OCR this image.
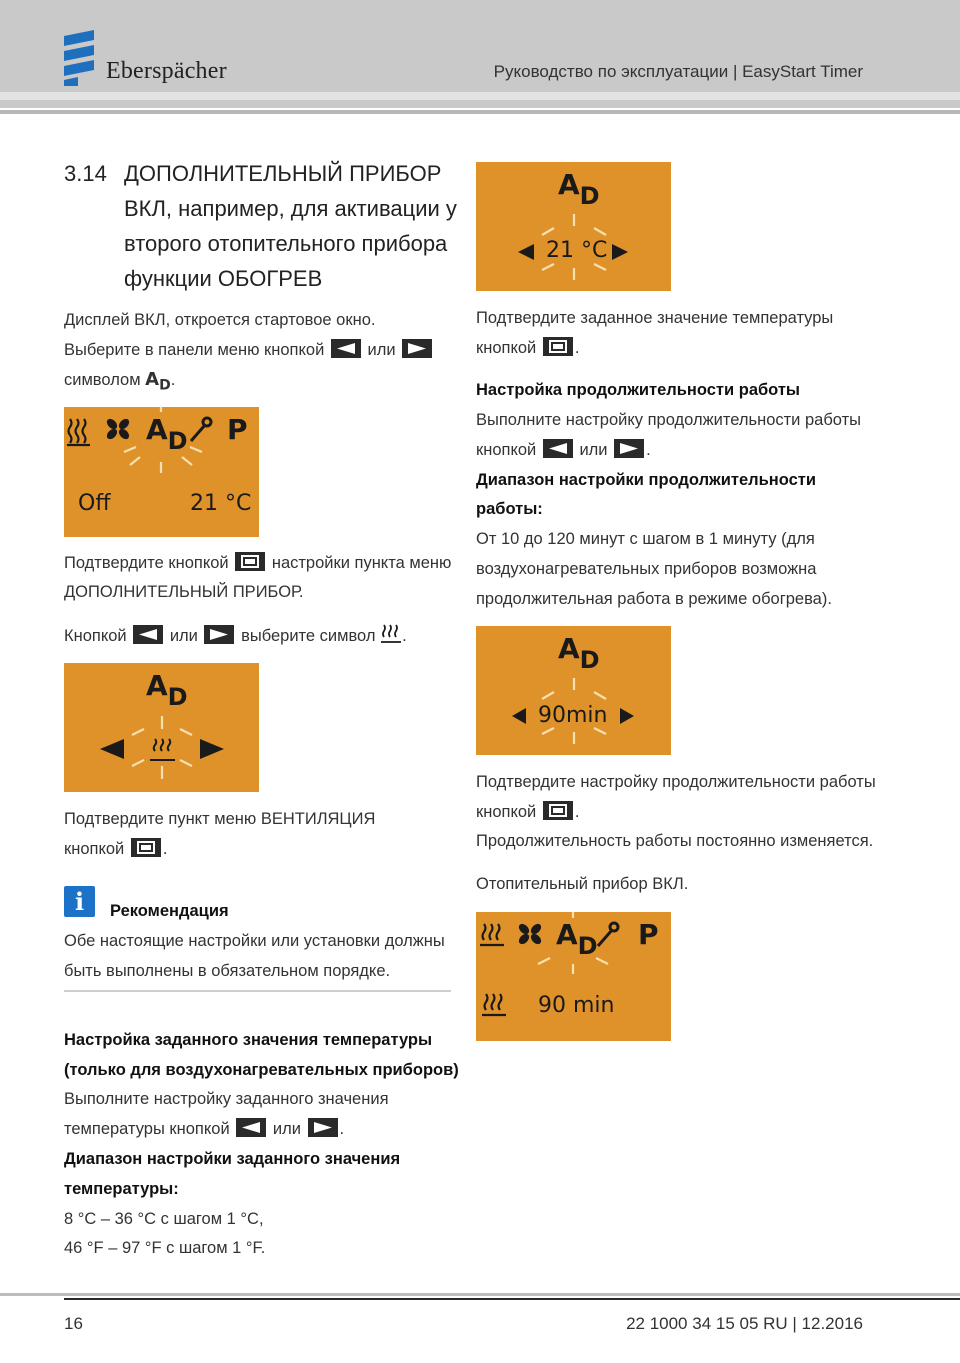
Eberspächer	Руководство по эксплуатации | EasyStart Timer
3.14 ДОПОЛНИТЕЛЬНЫЙ ПРИБОР ВКЛ, например, для активации у второго отопительного прибора функции ОБОГРЕВ
Дисплей ВКЛ, откроется стартовое окно.
Выберите в панели меню кнопкой	или
символом $A_D$.
AD P
Off	21 °C
Подтвердите кнопкой	настройки пункта меню
ДОПОЛНИТЕЛЬНЫЙ ПРИБОР.
Кнопкой	или	выберите символ .
AD
Подтвердите пункт меню ВЕНТИЛЯЦИЯ
кнопкой .
i	Рекомендация
Обе настоящие настройки или установки должны
быть выполнены в обязательном порядке.
Настройка заданного значения температуры
(только для воздухонагревательных приборов)
Выполните настройку заданного значения
температуры кнопкой	или .
Диапазон настройки заданного значения
температуры:
8 °C – 36 °C с шагом 1 °C,
46 °F – 97 °F с шагом 1 °F.
AD
21 °C
Подтвердите заданное значение температуры
кнопкой .
Настройка продолжительности работы
Выполните настройку продолжительности работы
кнопкой	или .
Диапазон настройки продолжительности
работы:
От 10 до 120 минут с шагом в 1 минуту (для
воздухонагревательных приборов возможна
продолжительная работа в режиме обогрева).
AD
90min
Подтвердите настройку продолжительности работы
кнопкой .
Продолжительность работы постоянно изменяется.
Отопительный прибор ВКЛ.
AD P
90 min
16	22 1000 34 15 05 RU | 12.2016
